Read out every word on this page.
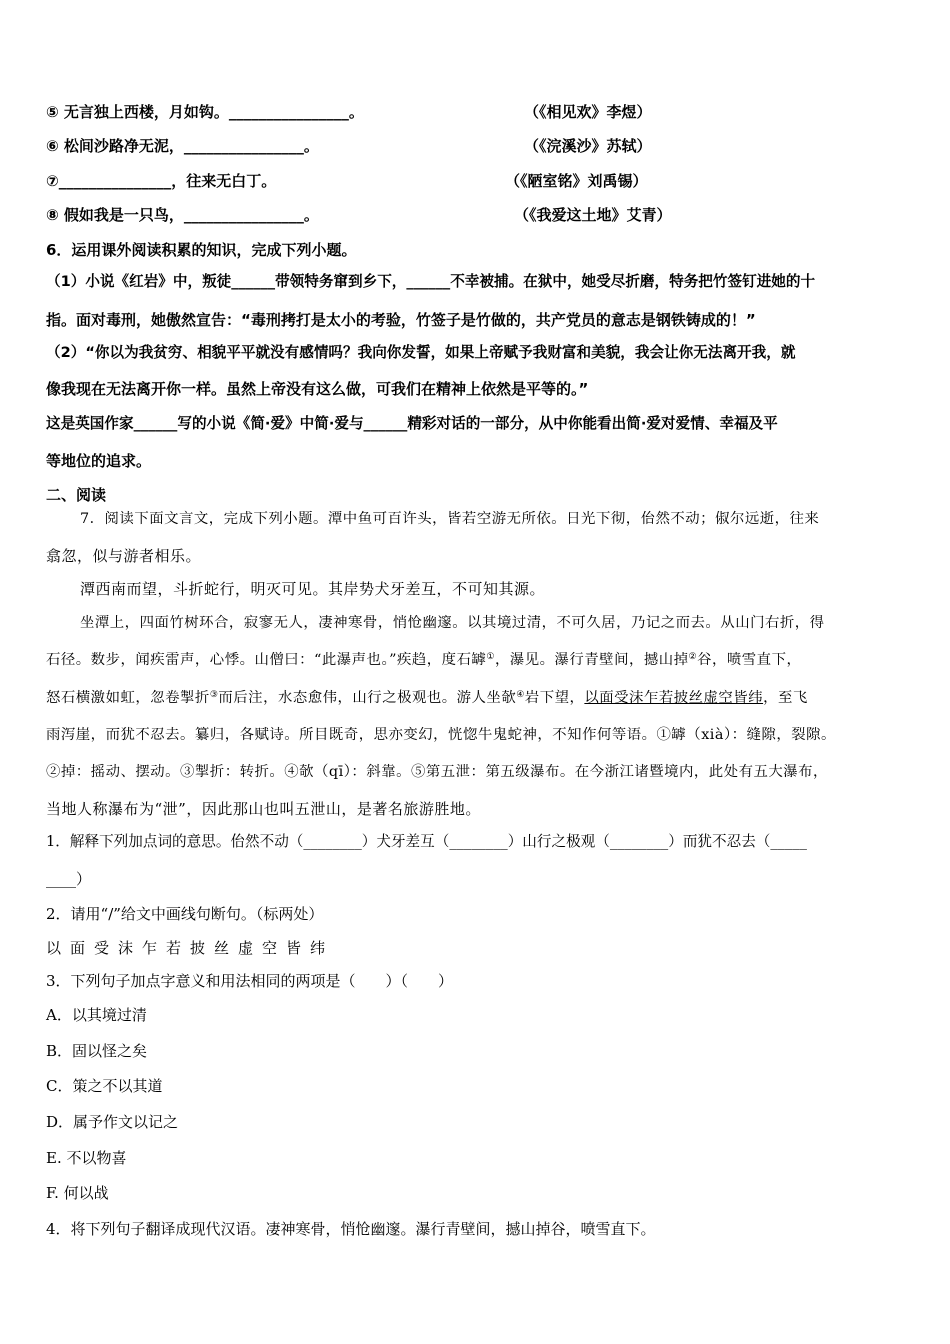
⑤ 无言独上西楼，月如钩。________________。	（《相见欢》李煜）
⑥ 松间沙路净无泥，________________。	（《浣溪沙》苏轼）
⑦_______________，往来无白丁。	（《陋室铭》刘禹锡）
⑧ 假如我是一只鸟，________________。	（《我爱这土地》艾青）
6．运用课外阅读积累的知识，完成下列小题。
（1）小说《红岩》中，叛徒______带领特务窜到乡下，______不幸被捕。在狱中，她受尽折磨，特务把竹签钉进她的十
指。面对毒刑，她傲然宣告：“毒刑拷打是太小的考验，竹签子是竹做的，共产党员的意志是钢铁铸成的！”
（2）“你以为我贫穷、相貌平平就没有感情吗？我向你发誓，如果上帝赋予我财富和美貌，我会让你无法离开我，就
像我现在无法离开你一样。虽然上帝没有这么做，可我们在精神上依然是平等的。”
这是英国作家______写的小说《简·爱》中简·爱与______精彩对话的一部分，从中你能看出简·爱对爱情、幸福及平
等地位的追求。
二、阅读
7．阅读下面文言文，完成下列小题。潭中鱼可百许头，皆若空游无所依。日光下彻，佁然不动；俶尔远逝，往来
翕忽，似与游者相乐。
潭西南而望，斗折蛇行，明灭可见。其岸势犬牙差互，不可知其源。
坐潭上，四面竹树环合，寂寥无人，凄神寒骨，悄怆幽邃。以其境过清，不可久居，乃记之而去。从山门右折，得
石径。数步，闻疾雷声，心悸。山僧曰：“此瀑声也。”疾趋，度石罅①，瀑见。瀑行青壁间，撼山掉②谷，喷雪直下，
怒石横激如虹，忽卷掣折③而后注，水态愈伟，山行之极观也。游人坐欹④岩下望，以面受沫乍若披丝虚空皆纬，至飞
雨泻崖，而犹不忍去。纂归，各赋诗。所目既奇，思亦变幻，恍惚牛鬼蛇神，不知作何等语。①罅（xià）：缝隙，裂隙。
②掉：摇动、摆动。③掣折：转折。④欹（qī）：斜靠。⑤第五泄：第五级瀑布。在今浙江诸暨境内，此处有五大瀑布，
当地人称瀑布为“泄”，因此那山也叫五泄山，是著名旅游胜地。
1．解释下列加点词的意思。佁然不动（________）犬牙差互（________）山行之极观（________）而犹不忍去（_____
____）
2．请用“/”给文中画线句断句。（标两处）
以面受沫乍若披丝虚空皆纬
3．下列句子加点字意义和用法相同的两项是（　　）（　　）
A．以其境过清
B．固以怪之矣
C．策之不以其道
D．属予作文以记之
E. 不以物喜
F. 何以战
4．将下列句子翻译成现代汉语。凄神寒骨，悄怆幽邃。瀑行青壁间，撼山掉谷，喷雪直下。
